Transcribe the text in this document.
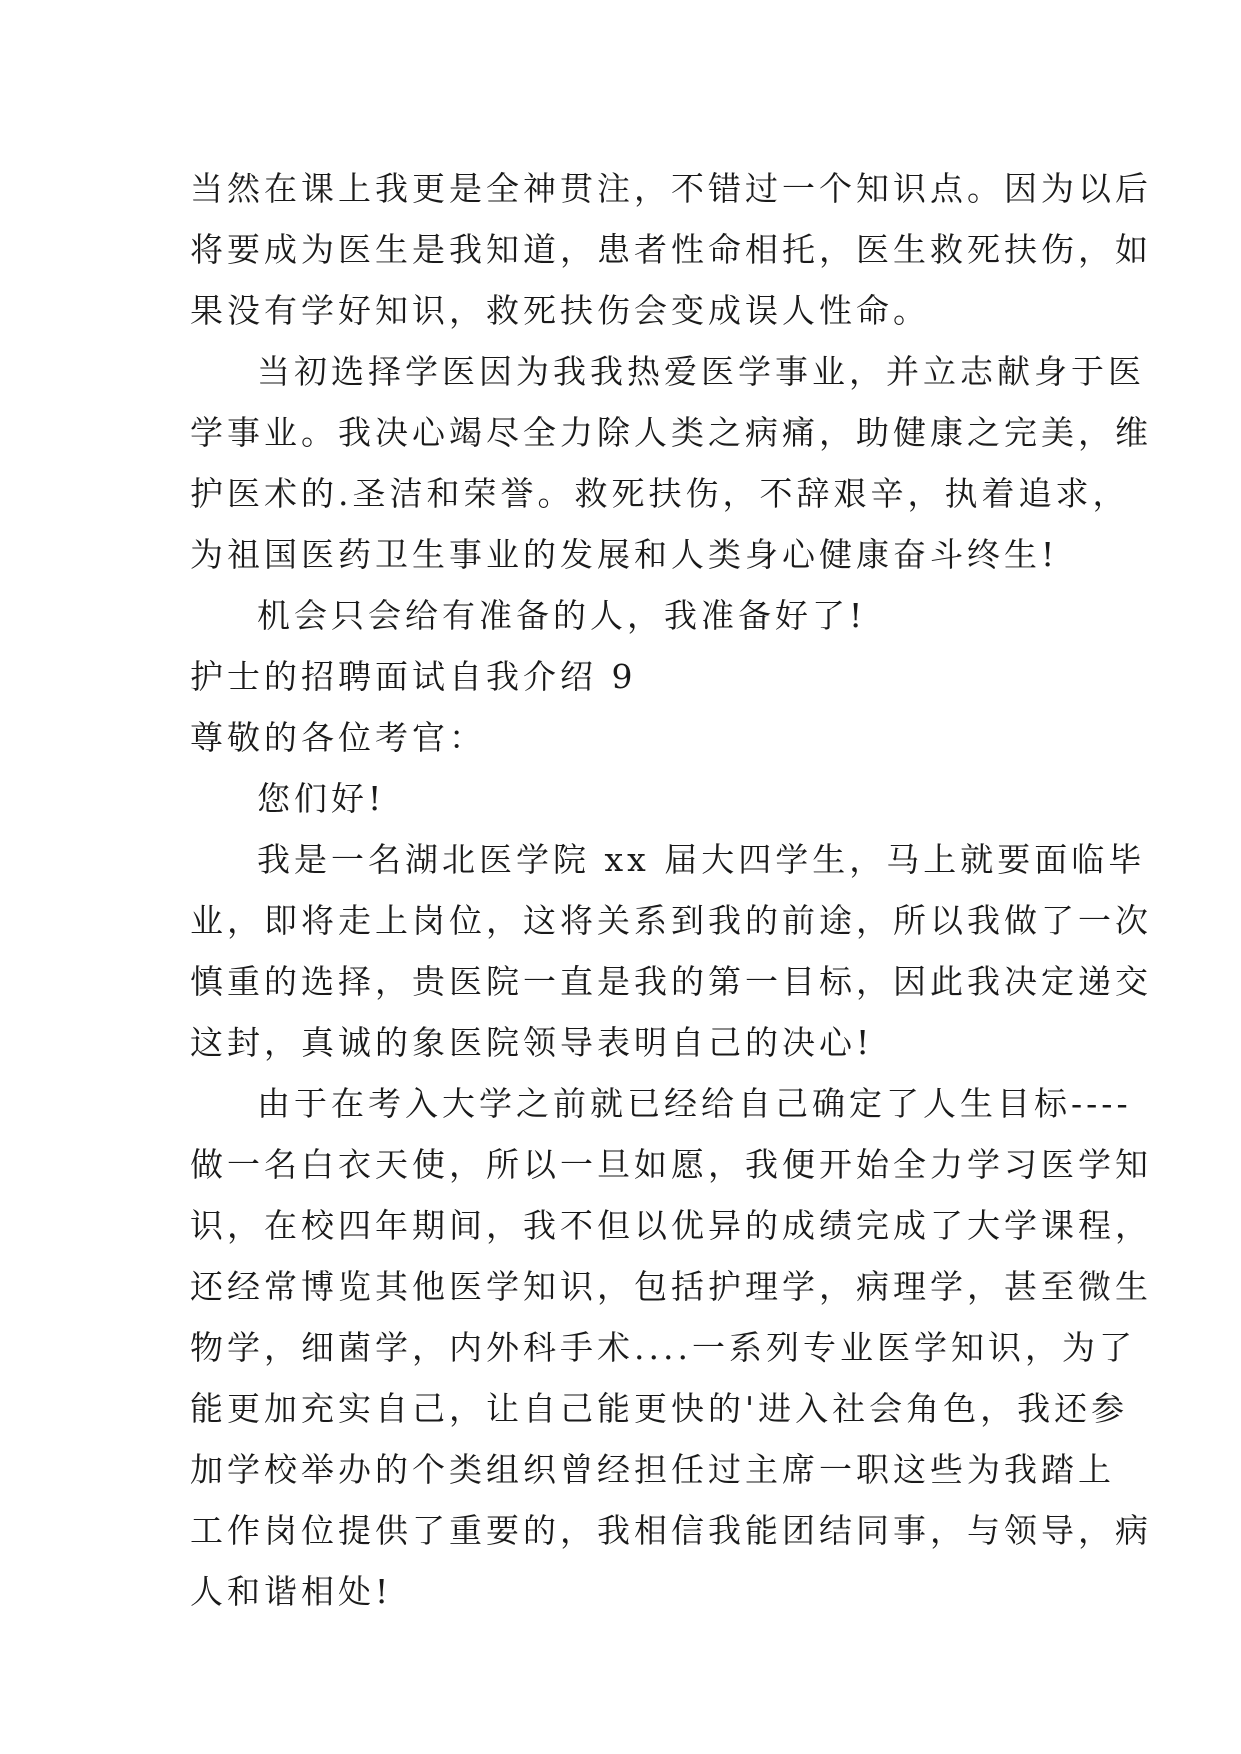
当然在课上我更是全神贯注，不错过一个知识点。因为以后
将要成为医生是我知道，患者性命相托，医生救死扶伤，如
果没有学好知识，救死扶伤会变成误人性命。
当初选择学医因为我我热爱医学事业，并立志献身于医
学事业。我决心竭尽全力除人类之病痛，助健康之完美，维
护医术的.圣洁和荣誉。救死扶伤，不辞艰辛，执着追求，
为祖国医药卫生事业的发展和人类身心健康奋斗终生!
机会只会给有准备的人，我准备好了!
护士的招聘面试自我介绍 9
尊敬的各位考官：
您们好!
我是一名湖北医学院 xx 届大四学生，马上就要面临毕
业，即将走上岗位，这将关系到我的前途，所以我做了一次
慎重的选择，贵医院一直是我的第一目标，因此我决定递交
这封，真诚的象医院领导表明自己的决心!
由于在考入大学之前就已经给自己确定了人生目标----
做一名白衣天使，所以一旦如愿，我便开始全力学习医学知
识，在校四年期间，我不但以优异的成绩完成了大学课程，
还经常博览其他医学知识，包括护理学，病理学，甚至微生
物学，细菌学，内外科手术....一系列专业医学知识，为了
能更加充实自己，让自己能更快的'进入社会角色，我还参
加学校举办的个类组织曾经担任过主席一职这些为我踏上
工作岗位提供了重要的，我相信我能团结同事，与领导，病
人和谐相处!
